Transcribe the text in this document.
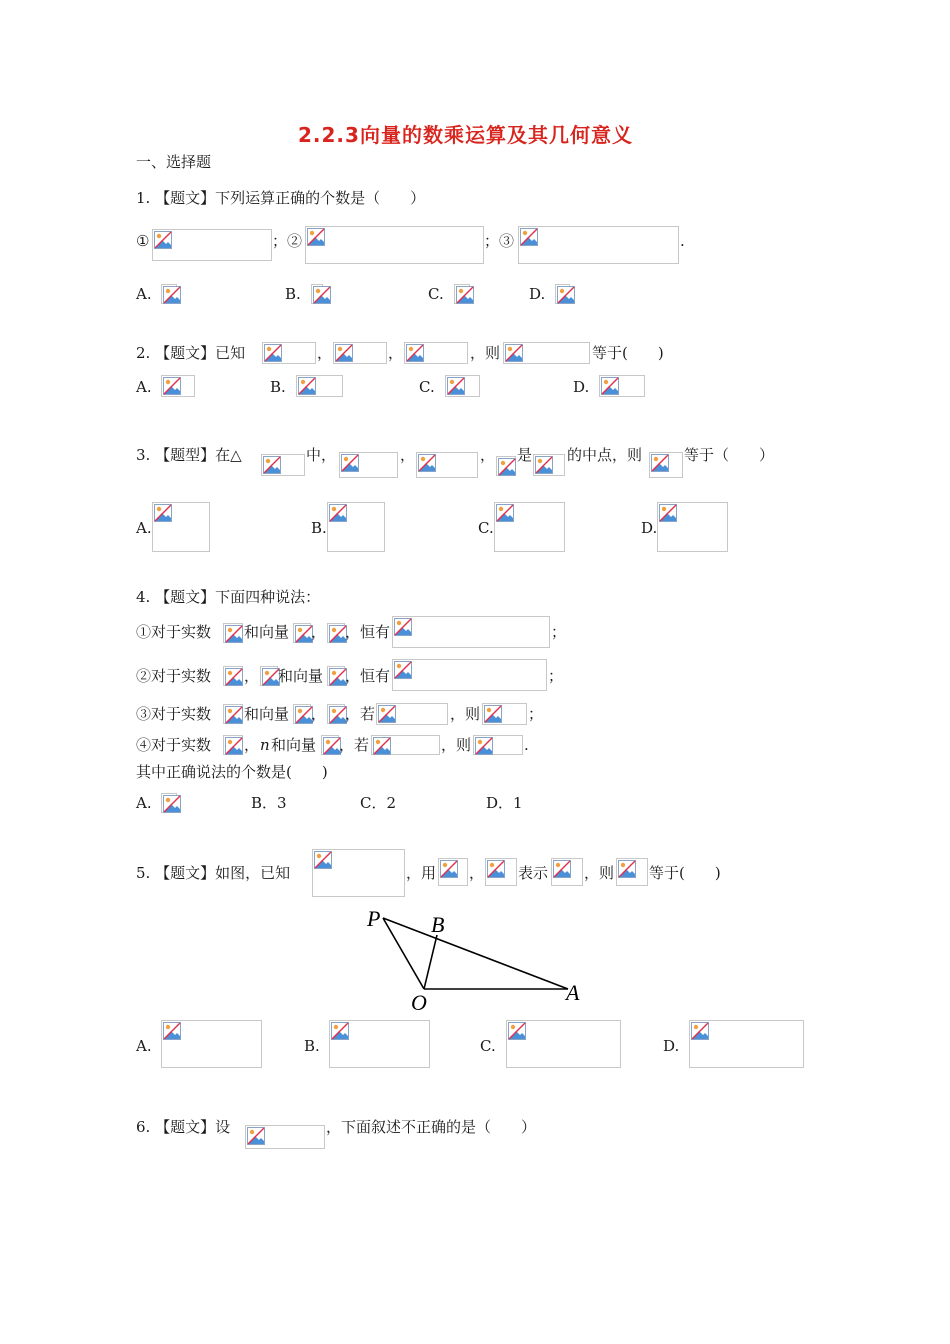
2.2.3向量的数乘运算及其几何意义
一、选择题
1. 【题文】下列运算正确的个数是（　　）
①	；②	；③	.
A.	B.	C.	D.
2. 【题文】已知	，	，	，则	等于(　　)
A.	B.	C.	D.
3. 【题型】在△	中，	，	， 是 的中点，则	等于（　　）
A.	B.	C.	D.
4. 【题文】下面四种说法：
①对于实数 和向量 ， ，恒有	；
②对于实数 ， 和向量 ，恒有	；
③对于实数 和向量 ， ，若	，则	；
④对于实数 ， n 和向量 ，若	，则	.
其中正确说法的个数是(　　)
A.	B．3	C．2	D．1
5. 【题文】如图，已知	，用 ， 表示 ，则 等于(　　)
P B
O	A
A.	B.	C.	D.
6. 【题文】设	，下面叙述不正确的是（　　）
